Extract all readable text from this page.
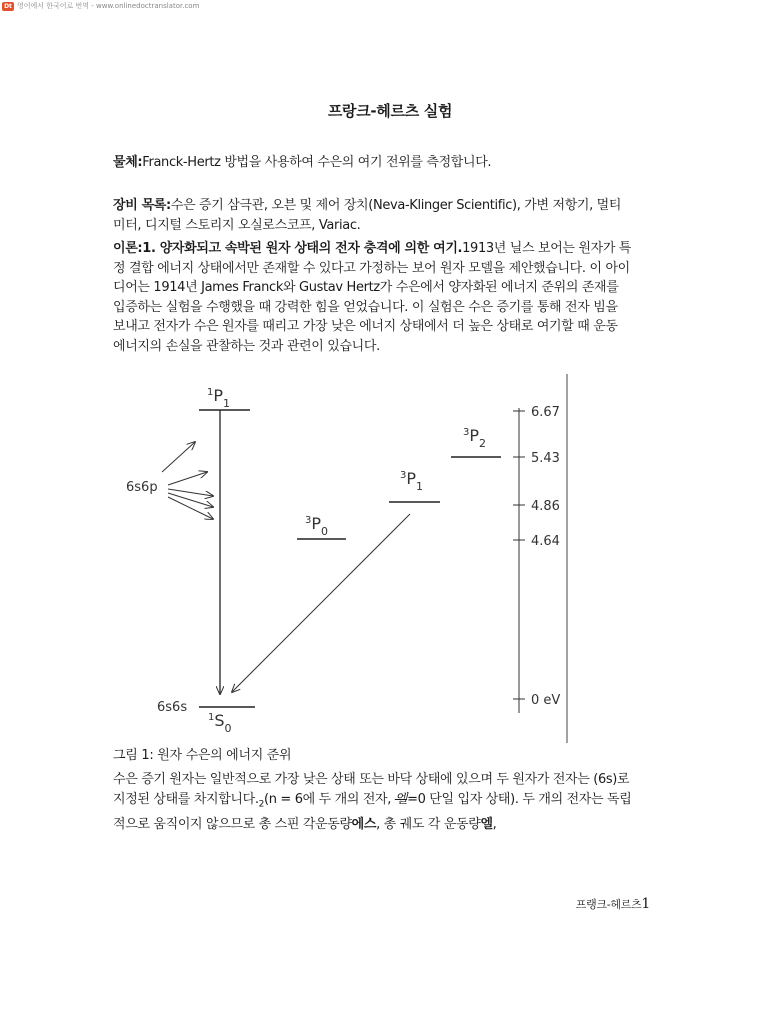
Dt 영어에서 한국어로 번역 - www.onlinedoctranslator.com
프랑크-헤르츠 실험

물체:Franck-Hertz 방법을 사용하여 수은의 여기 전위를 측정합니다.

장비 목록:수은 증기 삼극관, 오븐 및 제어 장치(Neva-Klinger Scientific), 가변 저항기, 멀티미터, 디지털 스토리지 오실로스코프, Variac.

이론:1. 양자화되고 속박된 원자 상태의 전자 충격에 의한 여기.1913년 닐스 보어는 원자가 특정 결합 에너지 상태에서만 존재할 수 있다고 가정하는 보어 원자 모델을 제안했습니다. 이 아이디어는 1914년 James Franck와 Gustav Hertz가 수은에서 양자화된 에너지 준위의 존재를 입증하는 실험을 수행했을 때 강력한 힘을 얻었습니다. 이 실험은 수은 증기를 통해 전자 빔을 보내고 전자가 수은 원자를 때리고 가장 낮은 에너지 상태에서 더 높은 상태로 여기할 때 운동 에너지의 손실을 관찰하는 것과 관련이 있습니다.

$^1P_1$
6s6p
$^3P_0$
$^3P_1$
$^3P_2$
6s6s
$^1S_0$
6.67
5.43
4.86
4.64
0 eV
그림 1: 원자 수은의 에너지 준위

수은 증기 원자는 일반적으로 가장 낮은 상태 또는 바닥 상태에 있으며 두 원자가 전자는 (6s)로 지정된 상태를 차지합니다$._2(n = 6$에 두 개의 전자, 엘=0 단일 입자 상태). 두 개의 전자는 독립적으로 움직이지 않으므로 총 스핀 각운동량에스, 총 궤도 각 운동량엘,

프랭크-헤르츠1
